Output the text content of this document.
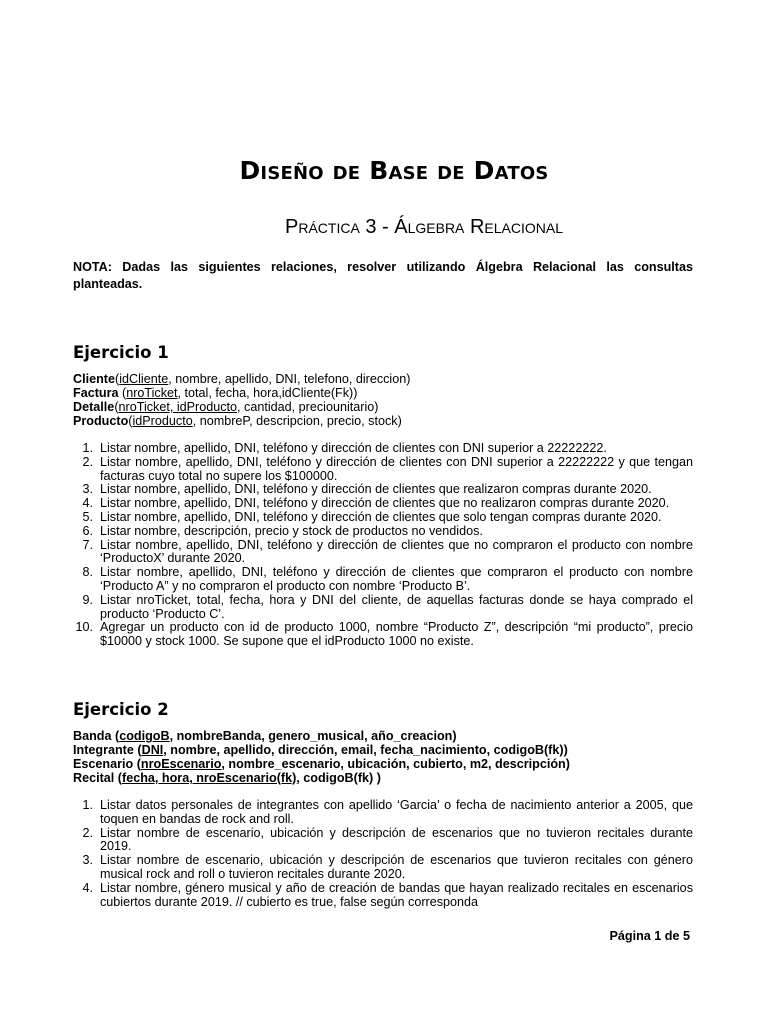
Diseño de Base de Datos
Práctica 3 - Álgebra Relacional
NOTA: Dadas las siguientes relaciones, resolver utilizando Álgebra Relacional las consultas planteadas.
Ejercicio 1
Cliente(idCliente, nombre, apellido, DNI, telefono, direccion)
Factura (nroTicket, total, fecha, hora,idCliente(Fk))
Detalle(nroTicket, idProducto, cantidad, preciounitario)
Producto(idProducto, nombreP, descripcion, precio, stock)
1. Listar nombre, apellido, DNI, teléfono y dirección de clientes con DNI superior a 22222222.
2. Listar nombre, apellido, DNI, teléfono y dirección de clientes con DNI superior a 22222222 y que tengan facturas cuyo total no supere los $100000.
3. Listar nombre, apellido, DNI, teléfono y dirección de clientes que realizaron compras durante 2020.
4. Listar nombre, apellido, DNI, teléfono y dirección de clientes que no realizaron compras durante 2020.
5. Listar nombre, apellido, DNI, teléfono y dirección de clientes que solo tengan compras durante 2020.
6. Listar nombre, descripción, precio y stock de productos no vendidos.
7. Listar nombre, apellido, DNI, teléfono y dirección de clientes que no compraron el producto con nombre ‘ProductoX’ durante 2020.
8. Listar nombre, apellido, DNI, teléfono y dirección de clientes que compraron el producto con nombre ‘Producto A” y no compraron el producto con nombre ‘Producto B’.
9. Listar nroTicket, total, fecha, hora y DNI del cliente, de aquellas facturas donde se haya comprado el producto ‘Producto C’.
10. Agregar un producto con id de producto 1000, nombre “Producto Z”, descripción “mi producto”, precio $10000 y stock 1000. Se supone que el idProducto 1000 no existe.
Ejercicio 2
Banda (codigoB, nombreBanda, genero_musical, año_creacion)
Integrante (DNI, nombre, apellido, dirección, email, fecha_nacimiento, codigoB(fk))
Escenario (nroEscenario, nombre_escenario, ubicación, cubierto, m2, descripción)
Recital (fecha, hora, nroEscenario(fk), codigoB(fk) )
1. Listar datos personales de integrantes con apellido ‘Garcia’ o fecha de nacimiento anterior a 2005, que toquen en bandas de rock and roll.
2. Listar nombre de escenario, ubicación y descripción de escenarios que no tuvieron recitales durante 2019.
3. Listar nombre de escenario, ubicación y descripción de escenarios que tuvieron recitales con género musical rock and roll o tuvieron recitales durante 2020.
4. Listar nombre, género musical y año de creación de bandas que hayan realizado recitales en escenarios cubiertos durante 2019. // cubierto es true, false según corresponda
Página 1 de 5
